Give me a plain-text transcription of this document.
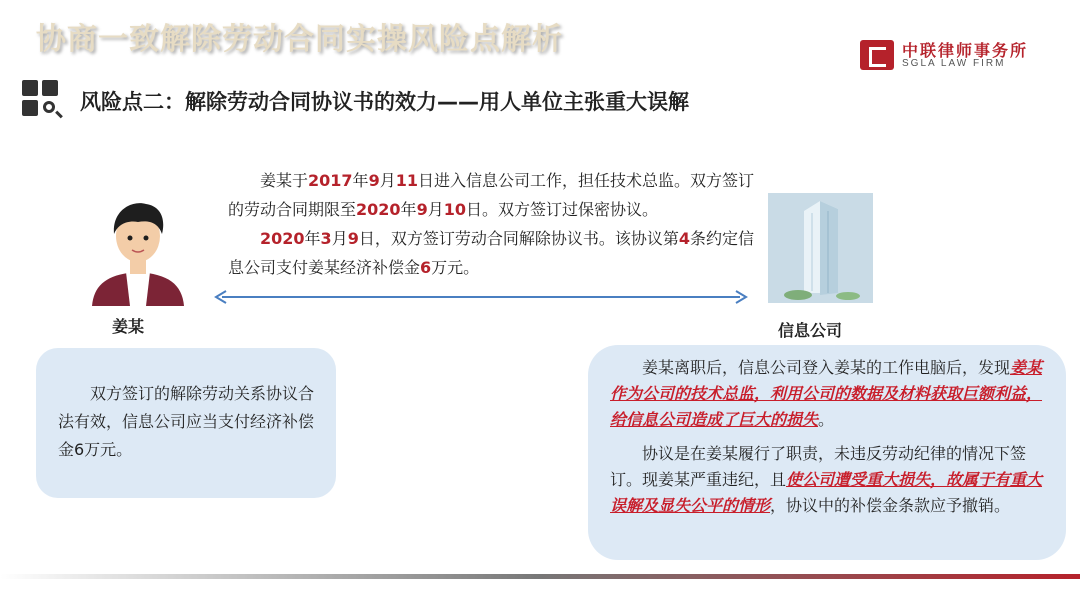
协商一致解除劳动合同实操风险点解析	中联律师事务所
SGLA LAW FIRM
风险点二：解除劳动合同协议书的效力——用人单位主张重大误解

姜某于2017年9月11日进入信息公司工作，担任技术总监。双方签订的劳动合同期限至2020年9月10日。双方签订过保密协议。

2020年3月9日，双方签订劳动合同解除协议书。该协议第4条约定信息公司支付姜某经济补偿金6万元。

姜某	信息公司

双方签订的解除劳动关系协议合法有效，信息公司应当支付经济补偿金6万元。

姜某离职后，信息公司登入姜某的工作电脑后，发现姜某作为公司的技术总监，利用公司的数据及材料获取巨额利益，给信息公司造成了巨大的损失。

协议是在姜某履行了职责，未违反劳动纪律的情况下签订。现姜某严重违纪，且使公司遭受重大损失，故属于有重大误解及显失公平的情形，协议中的补偿金条款应予撤销。
